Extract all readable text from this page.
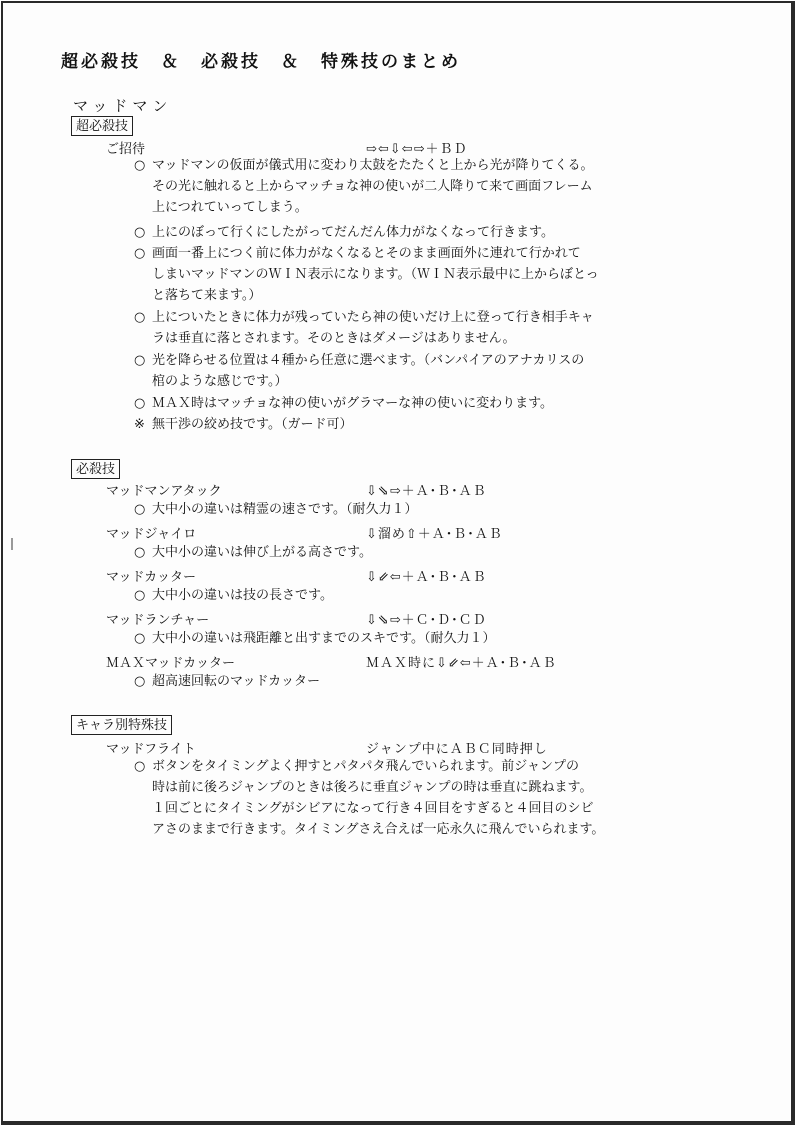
超必殺技　＆　必殺技　＆　特殊技のまとめ
マッドマン
超必殺技
ご招待	⇨⇦⇩⇦⇨＋ＢＤ
○ マッドマンの仮面が儀式用に変わり太鼓をたたくと上から光が降りてくる。
その光に触れると上からマッチョな神の使いが二人降りて来て画面フレーム
上につれていってしまう。
○ 上にのぼって行くにしたがってだんだん体力がなくなって行きます。
○ 画面一番上につく前に体力がなくなるとそのまま画面外に連れて行かれて
しまいマッドマンのＷＩＮ表示になります。（ＷＩＮ表示最中に上からぼとっ
と落ちて来ます。）
○ 上についたときに体力が残っていたら神の使いだけ上に登って行き相手キャ
ラは垂直に落とされます。そのときはダメージはありません。
○ 光を降らせる位置は４種から任意に選べます。（バンパイアのアナカリスの
棺のような感じです。）
○ ＭＡＸ時はマッチョな神の使いがグラマーな神の使いに変わります。
※ 無干渉の絞め技です。（ガード可）
必殺技
マッドマンアタック	⇩⇘⇨＋Ａ･Ｂ･ＡＢ
○ 大中小の違いは精霊の速さです。（耐久力１）
マッドジャイロ	⇩溜め⇧＋Ａ･Ｂ･ＡＢ
○ 大中小の違いは伸び上がる高さです。
マッドカッター	⇩⇙⇦＋Ａ･Ｂ･ＡＢ
○ 大中小の違いは技の長さです。
マッドランチャー	⇩⇘⇨＋Ｃ･Ｄ･ＣＤ
○ 大中小の違いは飛距離と出すまでのスキです。（耐久力１）
ＭＡＸマッドカッター	ＭＡＸ時に⇩⇙⇦＋Ａ･Ｂ･ＡＢ
○ 超高速回転のマッドカッター
キャラ別特殊技
マッドフライト	ジャンプ中にＡＢＣ同時押し
○ ボタンをタイミングよく押すとパタパタ飛んでいられます。前ジャンプの
時は前に後ろジャンプのときは後ろに垂直ジャンプの時は垂直に跳ねます。
１回ごとにタイミングがシビアになって行き４回目をすぎると４回目のシビ
アさのままで行きます。タイミングさえ合えば一応永久に飛んでいられます。
